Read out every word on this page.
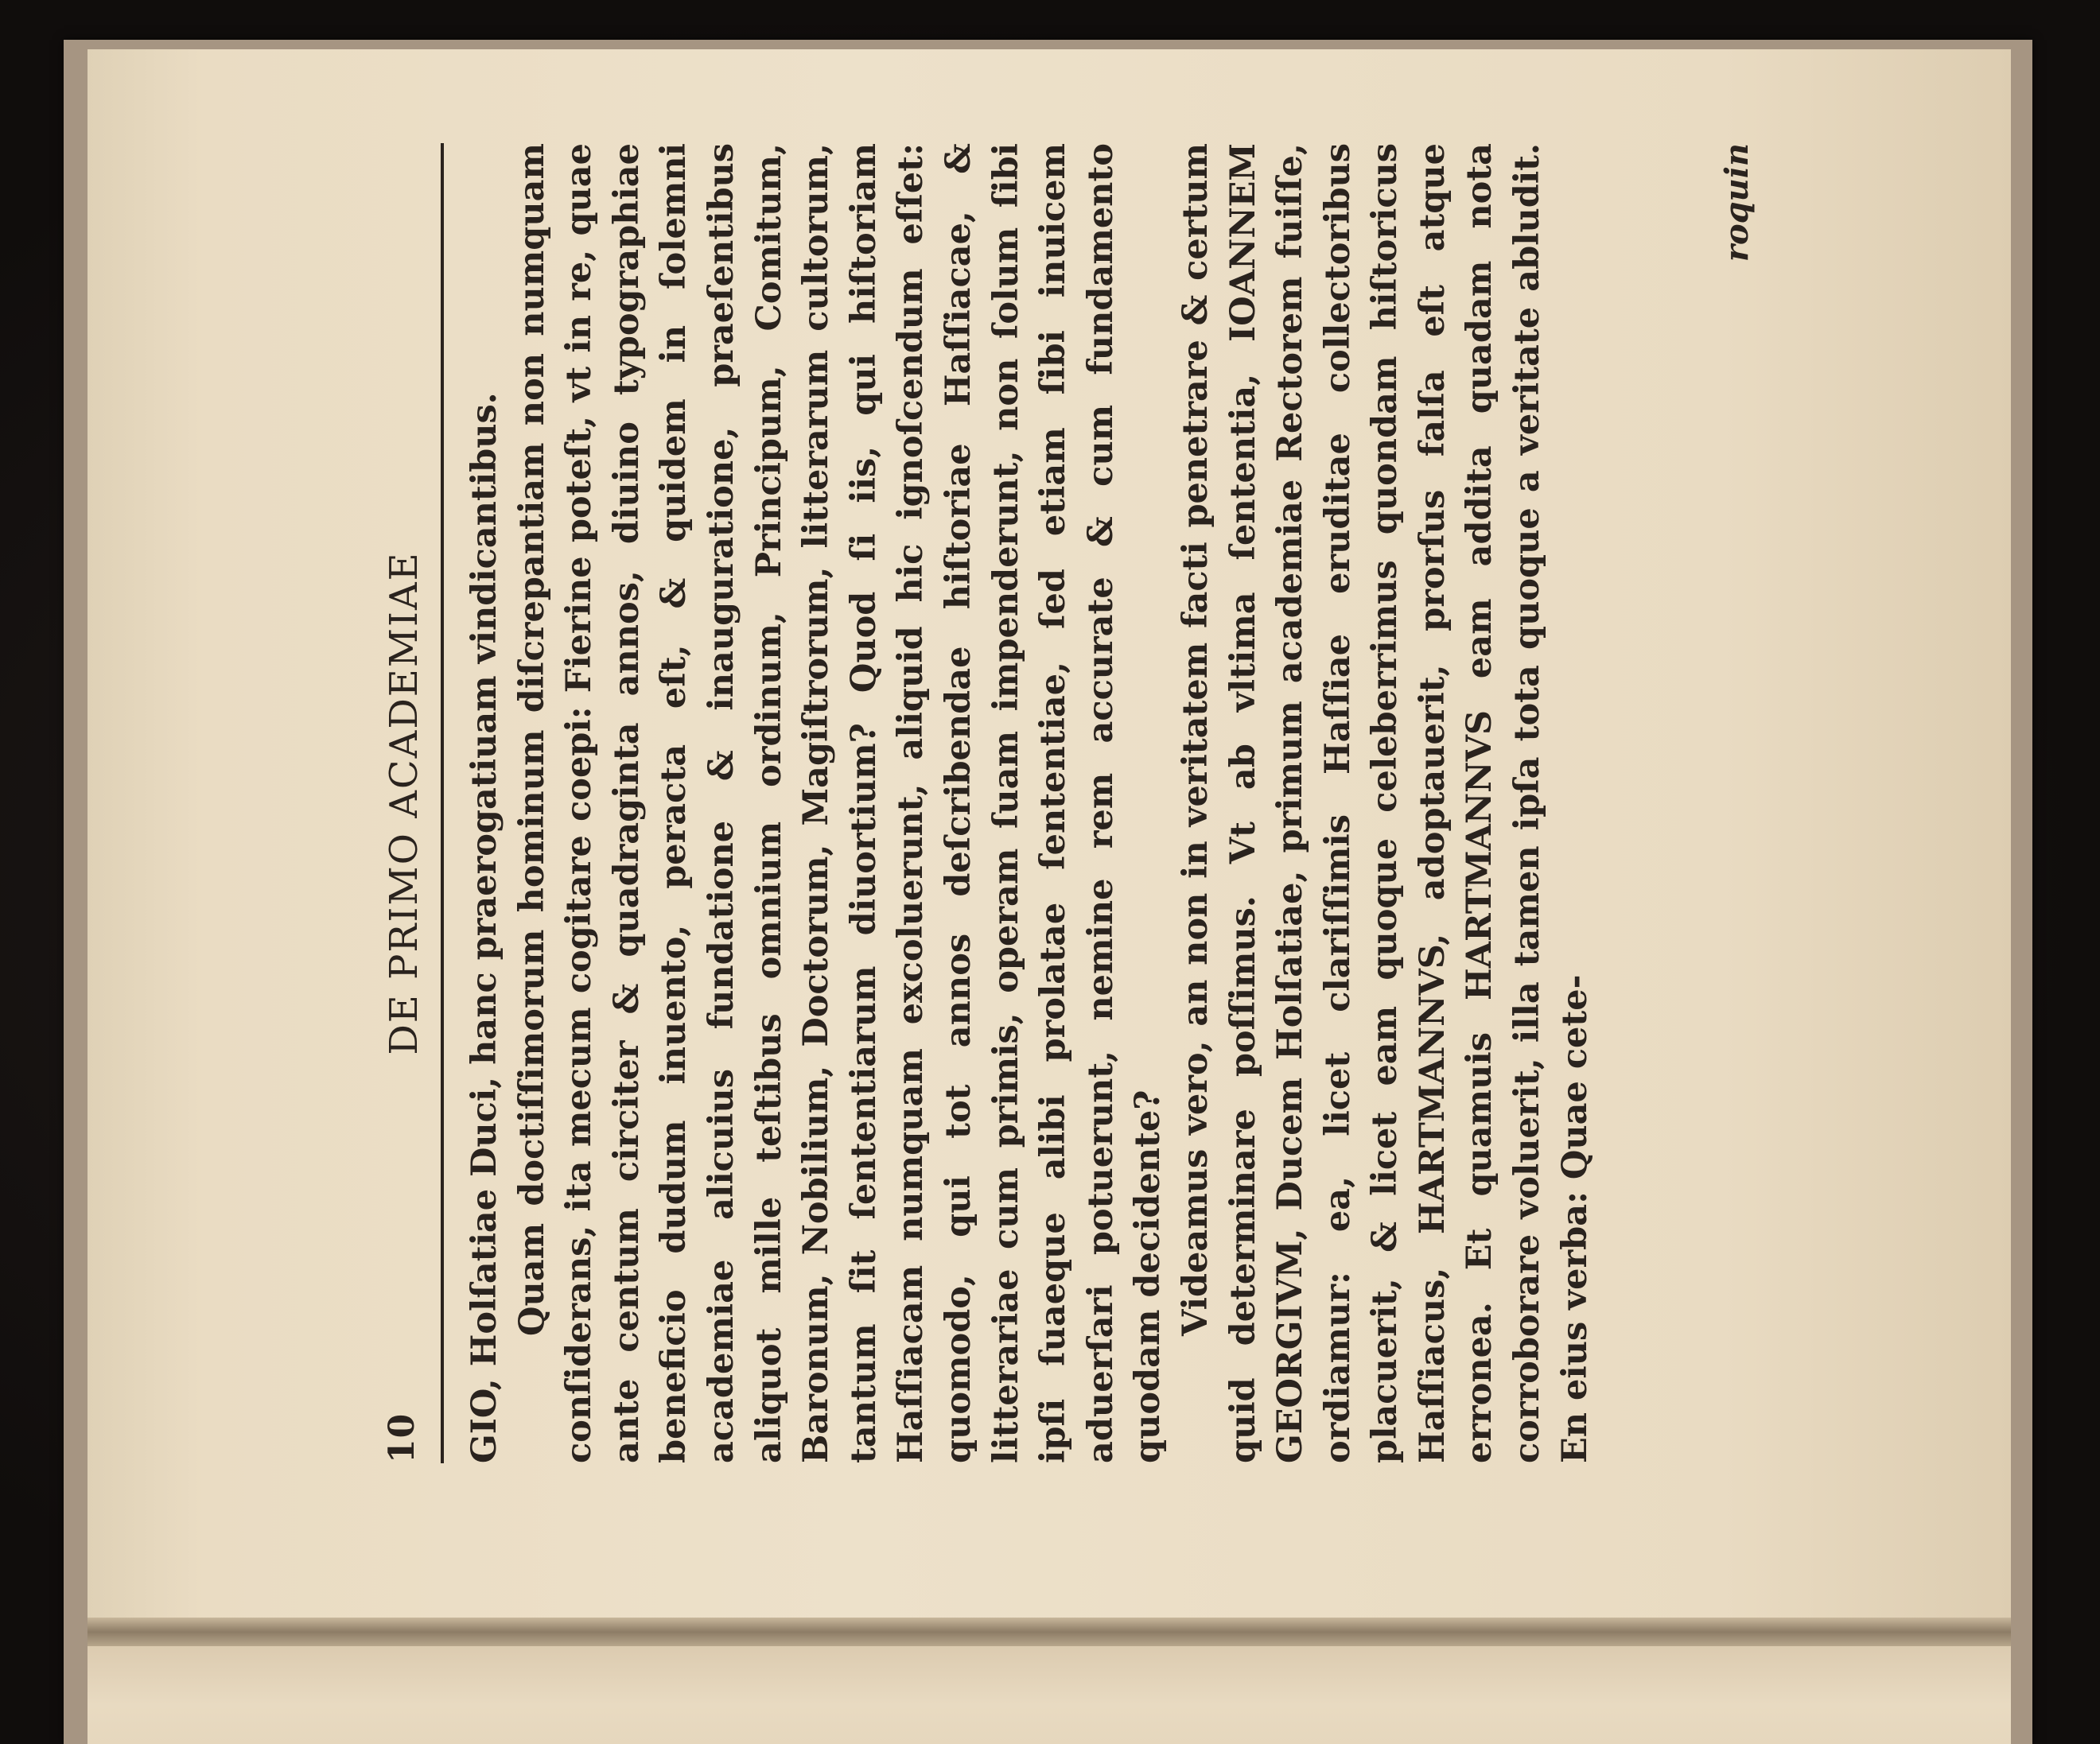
10
DE PRIMO ACADEMIAE GIO, Holſatiae Duci, hanc praerogatiuam vindicantibus. Quam doctiſſimorum hominum diſcrepantiam non numquam conſiderans, ita mecum cogitare coepi: Fierine poteſt, vt in re, quae ante centum circiter & quadraginta annos, diuino typographiae beneficio dudum inuento, peracta eſt, & quidem in ſolemni academiae alicuius fundatione & inauguratione, praeſentibus aliquot mille teſtibus omnium ordinum, Principum, Comitum, Baronum, Nobilium, Doctorum, Magiſtrorum, litterarum cultorum, tantum ſit ſententiarum diuortium? Quod ſi iis, qui hiſtoriam Haſſiacam numquam excoluerunt, aliquid hic ignoſcendum eſſet: quomodo, qui tot annos deſcribendae hiſtoriae Haſſiacae, & litterariae cum primis, operam ſuam impenderunt, non ſolum ſibi ipſi ſuaeque alibi prolatae ſententiae, ſed etiam ſibi inuicem aduerſari potuerunt, nemine rem accurate & cum fundamento quodam decidente? Videamus vero, an non in veritatem facti penetrare & certum quid determinare poſſimus. Vt ab vltima ſententia, IOANNEM GEORGIVM, Ducem Holſatiae, primum academiae Rectorem fuiſſe, ordiamur: ea, licet clariſſimis Haſſiae eruditae collectoribus placuerit, & licet eam quoque celeberrimus quondam hiſtoricus Haſſiacus, HARTMANNVS, adoptauerit, prorſus falſa eſt atque erronea. Et quamuis HARTMANNVS eam addita quadam nota corroborare voluerit, illa tamen ipſa tota quoque a veritate abludit. En eius verba: Quae cete-

roquin
